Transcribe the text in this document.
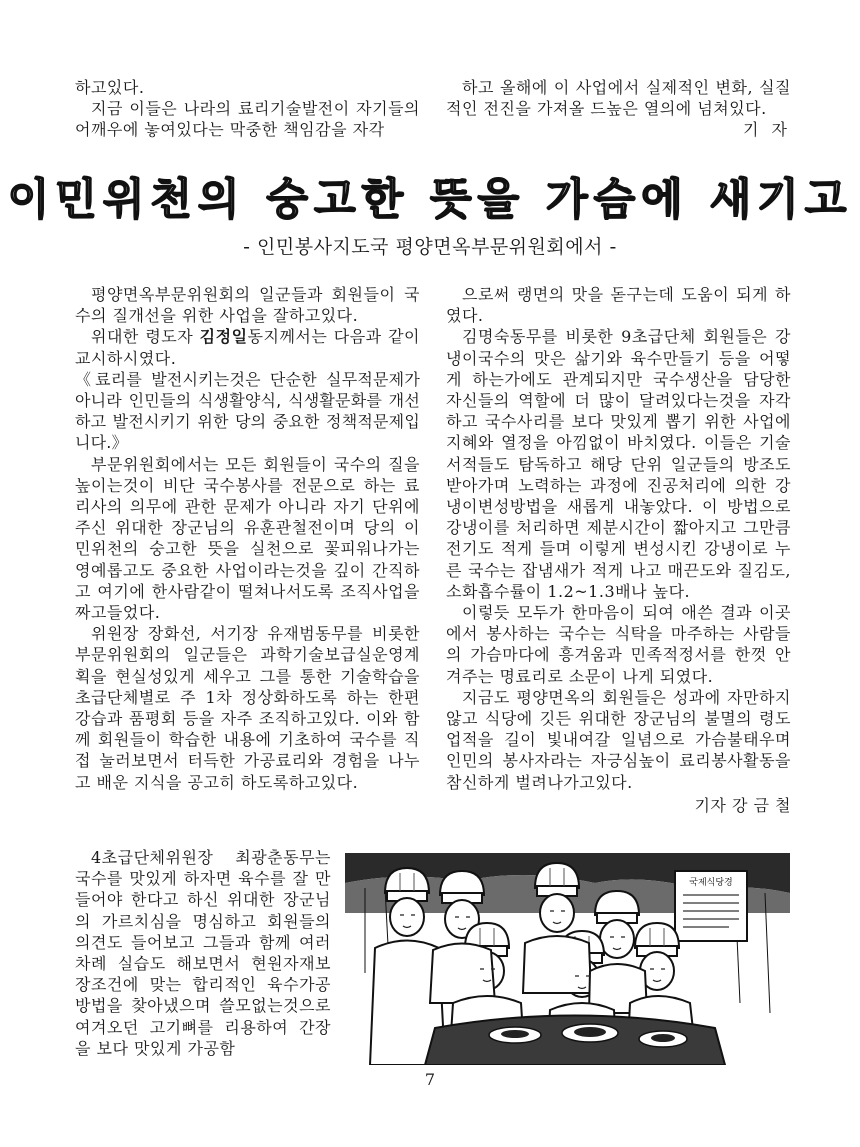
하고있다.

지금 이들은 나라의 료리기술발전이 자기들의 어깨우에 놓여있다는 막중한 책임감을 자각

하고 올해에 이 사업에서 실제적인 변화, 실질적인 전진을 가져올 드높은 열의에 넘쳐있다.

기 자

이민위천의 숭고한 뜻을 가슴에 새기고
- 인민봉사지도국 평양면옥부문위원회에서 -

평양면옥부문위원회의 일군들과 회원들이 국수의 질개선을 위한 사업을 잘하고있다.

위대한 령도자 김정일동지께서는 다음과 같이 교시하시였다.

《료리를 발전시키는것은 단순한 실무적문제가 아니라 인민들의 식생활양식, 식생활문화를 개선하고 발전시키기 위한 당의 중요한 정책적문제입니다.》

부문위원회에서는 모든 회원들이 국수의 질을 높이는것이 비단 국수봉사를 전문으로 하는 료리사의 의무에 관한 문제가 아니라 자기 단위에 주신 위대한 장군님의 유훈관철전이며 당의 이민위천의 숭고한 뜻을 실천으로 꽃피워나가는 영예롭고도 중요한 사업이라는것을 깊이 간직하고 여기에 한사람같이 떨쳐나서도록 조직사업을 짜고들었다.

위원장 장화선, 서기장 유재범동무를 비롯한 부문위원회의 일군들은 과학기술보급실운영계획을 현실성있게 세우고 그를 통한 기술학습을 초급단체별로 주 1차 정상화하도록 하는 한편 강습과 품평회 등을 자주 조직하고있다. 이와 함께 회원들이 학습한 내용에 기초하여 국수를 직접 눌러보면서 터득한 가공료리와 경험을 나누고 배운 지식을 공고히 하도록하고있다.

4초급단체위원장 최광춘동무는 국수를 맛있게 하자면 육수를 잘 만들어야 한다고 하신 위대한 장군님의 가르치심을 명심하고 회원들의 의견도 들어보고 그들과 함께 여러차례 실습도 해보면서 현원자재보장조건에 맞는 합리적인 육수가공방법을 찾아냈으며 쓸모없는것으로 여겨오던 고기뼈를 리용하여 간장을 보다 맛있게 가공함

으로써 랭면의 맛을 돋구는데 도움이 되게 하였다.

김명숙동무를 비롯한 9초급단체 회원들은 강냉이국수의 맛은 삶기와 육수만들기 등을 어떻게 하는가에도 관계되지만 국수생산을 담당한 자신들의 역할에 더 많이 달려있다는것을 자각하고 국수사리를 보다 맛있게 뽑기 위한 사업에 지혜와 열정을 아낌없이 바치였다. 이들은 기술서적들도 탐독하고 해당 단위 일군들의 방조도 받아가며 노력하는 과정에 진공처리에 의한 강냉이변성방법을 새롭게 내놓았다. 이 방법으로 강냉이를 처리하면 제분시간이 짧아지고 그만큼 전기도 적게 들며 이렇게 변성시킨 강냉이로 누른 국수는 잡냄새가 적게 나고 매끈도와 질김도, 소화흡수률이 1.2~1.3배나 높다.

이렇듯 모두가 한마음이 되여 애쓴 결과 이곳에서 봉사하는 국수는 식탁을 마주하는 사람들의 가슴마다에 흥겨움과 민족적정서를 한껏 안겨주는 명료리로 소문이 나게 되였다.

지금도 평양면옥의 회원들은 성과에 자만하지 않고 식당에 깃든 위대한 장군님의 불멸의 령도업적을 길이 빛내여갈 일념으로 가슴불태우며 인민의 봉사자라는 자긍심높이 료리봉사활동을 참신하게 벌려나가고있다.

기자 강 금 철

국제식당경
7
